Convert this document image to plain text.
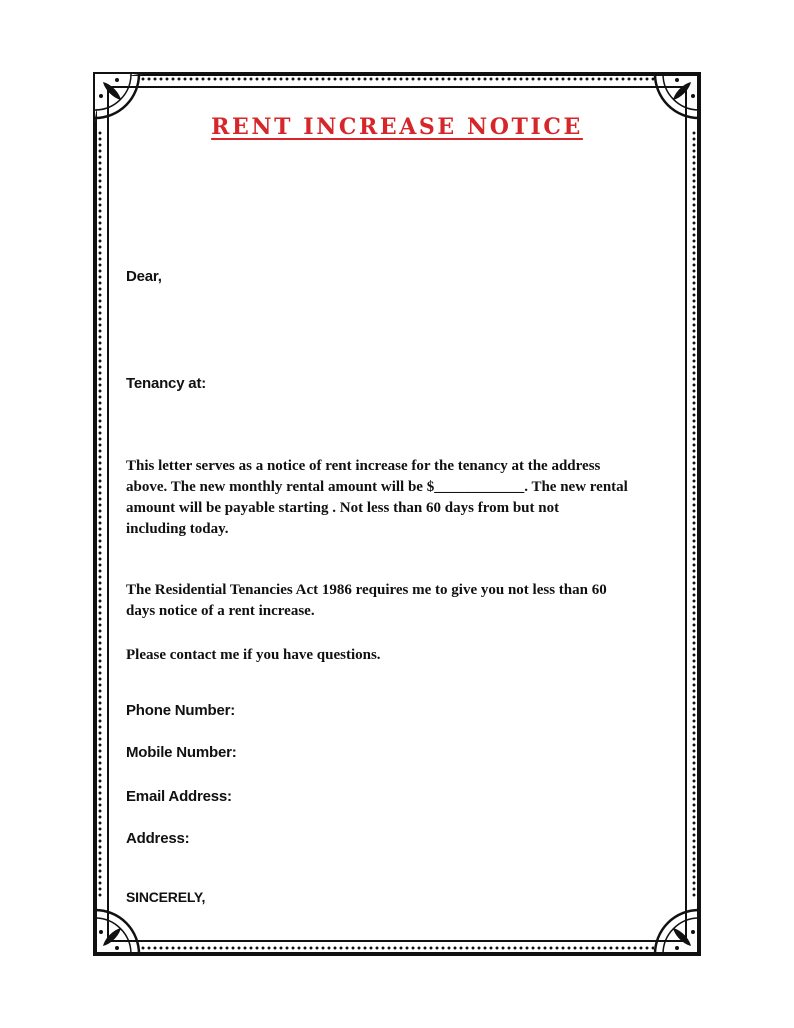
RENT INCREASE NOTICE
Dear,
Tenancy at:
This letter serves as a notice of rent increase for the tenancy at the address
above. The new monthly rental amount will be $____________. The new rental
amount will be payable starting . Not less than 60 days from but not
including today.
The Residential Tenancies Act 1986 requires me to give you not less than 60
days notice of a rent increase.
Please contact me if you have questions.
Phone Number:
Mobile Number:
Email Address:
Address:
SINCERELY,
